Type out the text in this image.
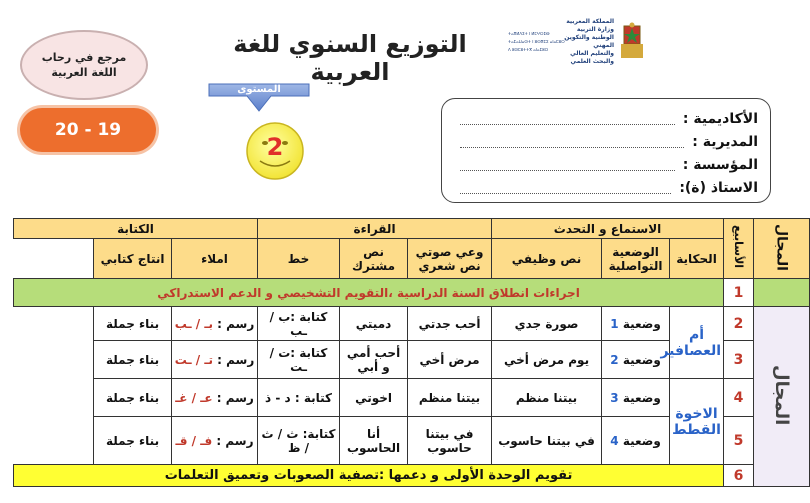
مرجع في رحاب
اللغة العربية
20 - 19
التوزيع السنوي للغة العربية
المستوى
2
المملكة المغربية
وزارة التربية الوطنية والتكوين المهني
والتعليم العالي والبحث العلمي
ⵜⴰⴳⵍⴷⵉⵜ ⵏ ⵍⵎⵖⵔⵉⴱ
ⵜⴰⵎⴰⵡⴰⵙⵜ ⵏ ⵓⵙⴳⵎⵉ ⴰⵏⴰⵎⵓⵔ
ⴷ ⵓⵙⵎⵓⵜⵜⴳ ⴰⵏⴰⵎⵓⵔ
الأكاديمية :
المديرية :
المؤسسة :
الاستاذ (ة):
المجال	الأسابيع	الاستماع و التحدث			القراءة			الكتابة	
		الحكاية	الوضعية التواصلية	نص وظيفي	وعي صوتي نص شعري	نص مشترك	خط	املاء	انتاج كتابي
	1	اجراءات انطلاق السنة الدراسية ،التقويم التشخيصي و الدعم الاستدراكي							
المجال	2	أم العصافير	وضعية 1	صورة جدي	أحب جدتي	دميتي	كتابة :ب / ـب	رسم : بـ / ـب	بناء جملة
	3		وضعية 2	يوم مرض أخي	مرض أخي	أحب أمي و أبي	كتابة :ت / ـت	رسم : تـ / ـت	بناء جملة
	4	الاخوة القطط	وضعية 3	بيتنا منظم	بيتنا منظم	اخوتي	كتابة : د - ذ	رسم : عـ / غـ	بناء جملة
	5		وضعية 4	في بيتنا حاسوب	في بيتنا حاسوب	أنا الحاسوب	كتابة: ث / ث / ظ	رسم : فـ / قـ	بناء جملة
	6	تقويم الوحدة الأولى و دعمها :تصفية الصعوبات وتعميق التعلمات							
